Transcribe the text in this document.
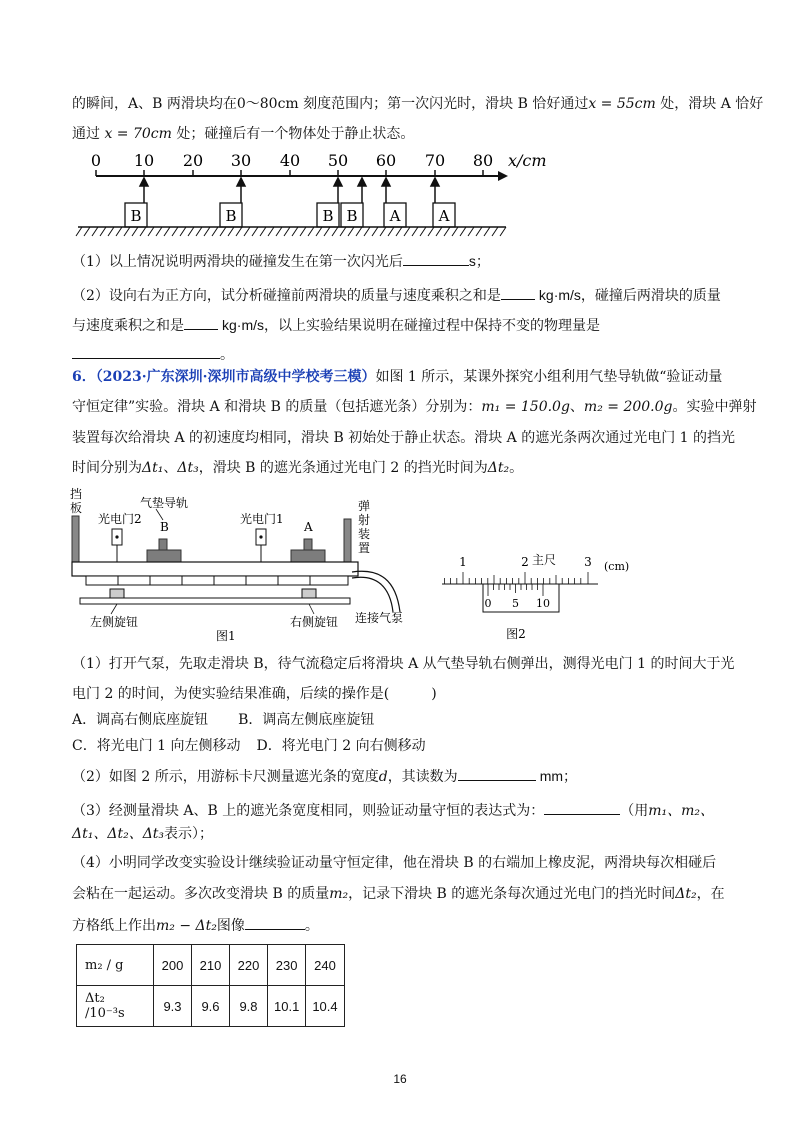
的瞬间，A、B 两滑块均在0～80cm 刻度范围内；第一次闪光时，滑块 B 恰好通过x = 55cm 处，滑块 A 恰好
通过 x = 70cm 处；碰撞后有一个物体处于静止状态。
0 10 20 30 40 50 60 70 80 x/cm
B	B	B B A	A
（1）以上情况说明两滑块的碰撞发生在第一次闪光后	s；
（2）设向右为正方向，试分析碰撞前两滑块的质量与速度乘积之和是	kg·m/s，碰撞后两滑块的质量
与速度乘积之和是	kg·m/s，以上实验结果说明在碰撞过程中保持不变的物理量是
。
6．（2023·广东深圳·深圳市高级中学校考三模）如图 1 所示，某课外探究小组利用气垫导轨做“验证动量
守恒定律”实验。滑块 A 和滑块 B 的质量（包括遮光条）分别为：m₁ = 150.0g、m₂ = 200.0g。实验中弹射
装置每次给滑块 A 的初速度均相同，滑块 B 初始处于静止状态。滑块 A 的遮光条两次通过光电门 1 的挡光
时间分别为Δt₁、Δt₃，滑块 B 的遮光条通过光电门 2 的挡光时间为Δt₂。
挡
板	气垫导轨
光电门2	光电门1
B	A
弹
射
装
置
左侧旋钮	右侧旋钮 连接气泵
图1
主尺	(cm)
1	2	3
0 5 10
图2
（1）打开气泵，先取走滑块 B，待气流稳定后将滑块 A 从气垫导轨右侧弹出，测得光电门 1 的时间大于光
电门 2 的时间，为使实验结果准确，后续的操作是(　　　)
A．调高右侧底座旋钮 B．调高左侧底座旋钮
C．将光电门 1 向左侧移动 D．将光电门 2 向右侧移动
（2）如图 2 所示，用游标卡尺测量遮光条的宽度d，其读数为	mm；
（3）经测量滑块 A、B 上的遮光条宽度相同，则验证动量守恒的表达式为：	（用m₁、m₂、
Δt₁、Δt₂、Δt₃表示）；
（4）小明同学改变实验设计继续验证动量守恒定律，他在滑块 B 的右端加上橡皮泥，两滑块每次相碰后
会粘在一起运动。多次改变滑块 B 的质量m₂，记录下滑块 B 的遮光条每次通过光电门的挡光时间Δt₂，在
方格纸上作出m₂ − Δt₂图像	。
m₂ / g	200	210	220	230	240
Δt₂ /10⁻³s	9.3	9.6	9.8	10.1	10.4
16
